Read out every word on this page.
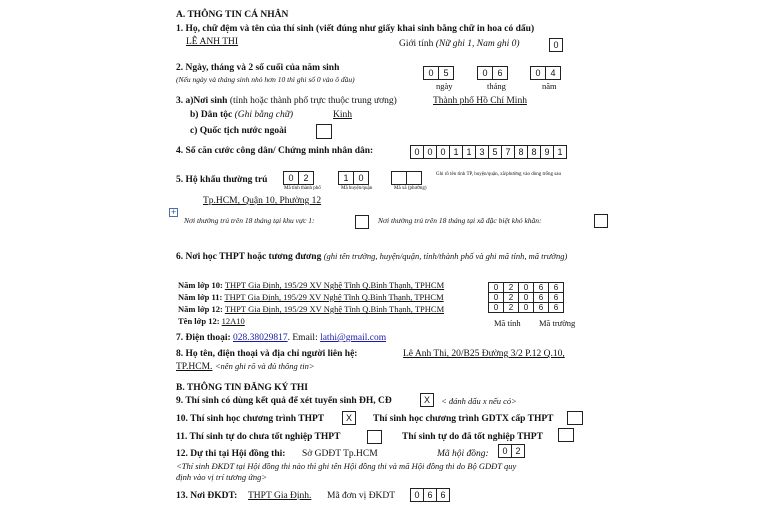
A. THÔNG TIN CÁ NHÂN
1. Họ, chữ đệm và tên của thí sinh (viết đúng như giấy khai sinh bằng chữ in hoa có dấu)
LÊ ANH THI	Giới tính (Nữ ghi 1, Nam ghi 0)	0
2. Ngày, tháng và 2 số cuối của năm sinh
(Nếu ngày và tháng sinh nhỏ hơn 10 thì ghi số 0 vào ô đầu)
0	5	0	6	0	4
ngày	tháng	năm
3. a)Nơi sinh (tỉnh hoặc thành phố trực thuộc trung ương)	Thành phố Hồ Chí Minh
b) Dân tộc (Ghi bằng chữ)	Kinh
c) Quốc tịch nước ngoài
4. Số căn cước công dân/ Chứng minh nhân dân:	0 0 0 1 1 3 5 7 8 8 9 1
5. Hộ khẩu thường trú	0	2	1	0
Mã tỉnh thành phố	Mã huyện/quận	Mã xã (phường)
Ghi rõ tên tỉnh TP, huyện/quận, xã/phường vào dòng trống sau
Tp.HCM, Quận 10, Phường 12
+
Nơi thường trú trên 18 tháng tại khu vực 1:	Nơi thường trú trên 18 tháng tại xã đặc biệt khó khăn:
6. Nơi học THPT hoặc tương đương (ghi tên trường, huyện/quận, tỉnh/thành phố và ghi mã tỉnh, mã trường)
Năm lớp 10: THPT Gia Định, 195/29 XV Nghệ Tĩnh Q.Bình Thạnh, TPHCM
Năm lớp 11: THPT Gia Định, 195/29 XV Nghệ Tĩnh Q.Bình Thạnh, TPHCM
Năm lớp 12: THPT Gia Định, 195/29 XV Nghệ Tĩnh Q.Bình Thạnh, TPHCM
Tên lớp 12: 12A10
0	2	0	6	6
0	2	0	6	6
0	2	0	6	6
Mã tỉnh Mã trường
7. Điện thoại: 028.38029817. Email: lathi@gmail.com
8. Họ tên, điện thoại và địa chỉ người liên hệ:	Lê Anh Thi, 20/B25 Đường 3/2 P.12 Q.10,
TP.HCM. <nên ghi rõ và đủ thông tin>
B. THÔNG TIN ĐĂNG KÝ THI
9. Thí sinh có dùng kết quả để xét tuyển sinh ĐH, CĐ	X	< đánh dấu x nếu có>
10. Thí sinh học chương trình THPT	X	Thí sinh học chương trình GDTX cấp THPT
11. Thí sinh tự do chưa tốt nghiệp THPT	Thí sinh tự do đã tốt nghiệp THPT
12. Dự thi tại Hội đồng thi: Sở GDĐT Tp.HCM	Mã hội đồng:	0 2
<Thí sinh ĐKDT tại Hội đồng thi nào thì ghi tên Hội đồng thi và mã Hội đồng thi do Bộ GDĐT quy
định vào vị trí tương ứng>
13. Nơi ĐKDT: THPT Gia Định. Mã đơn vị ĐKDT	0 6 6
